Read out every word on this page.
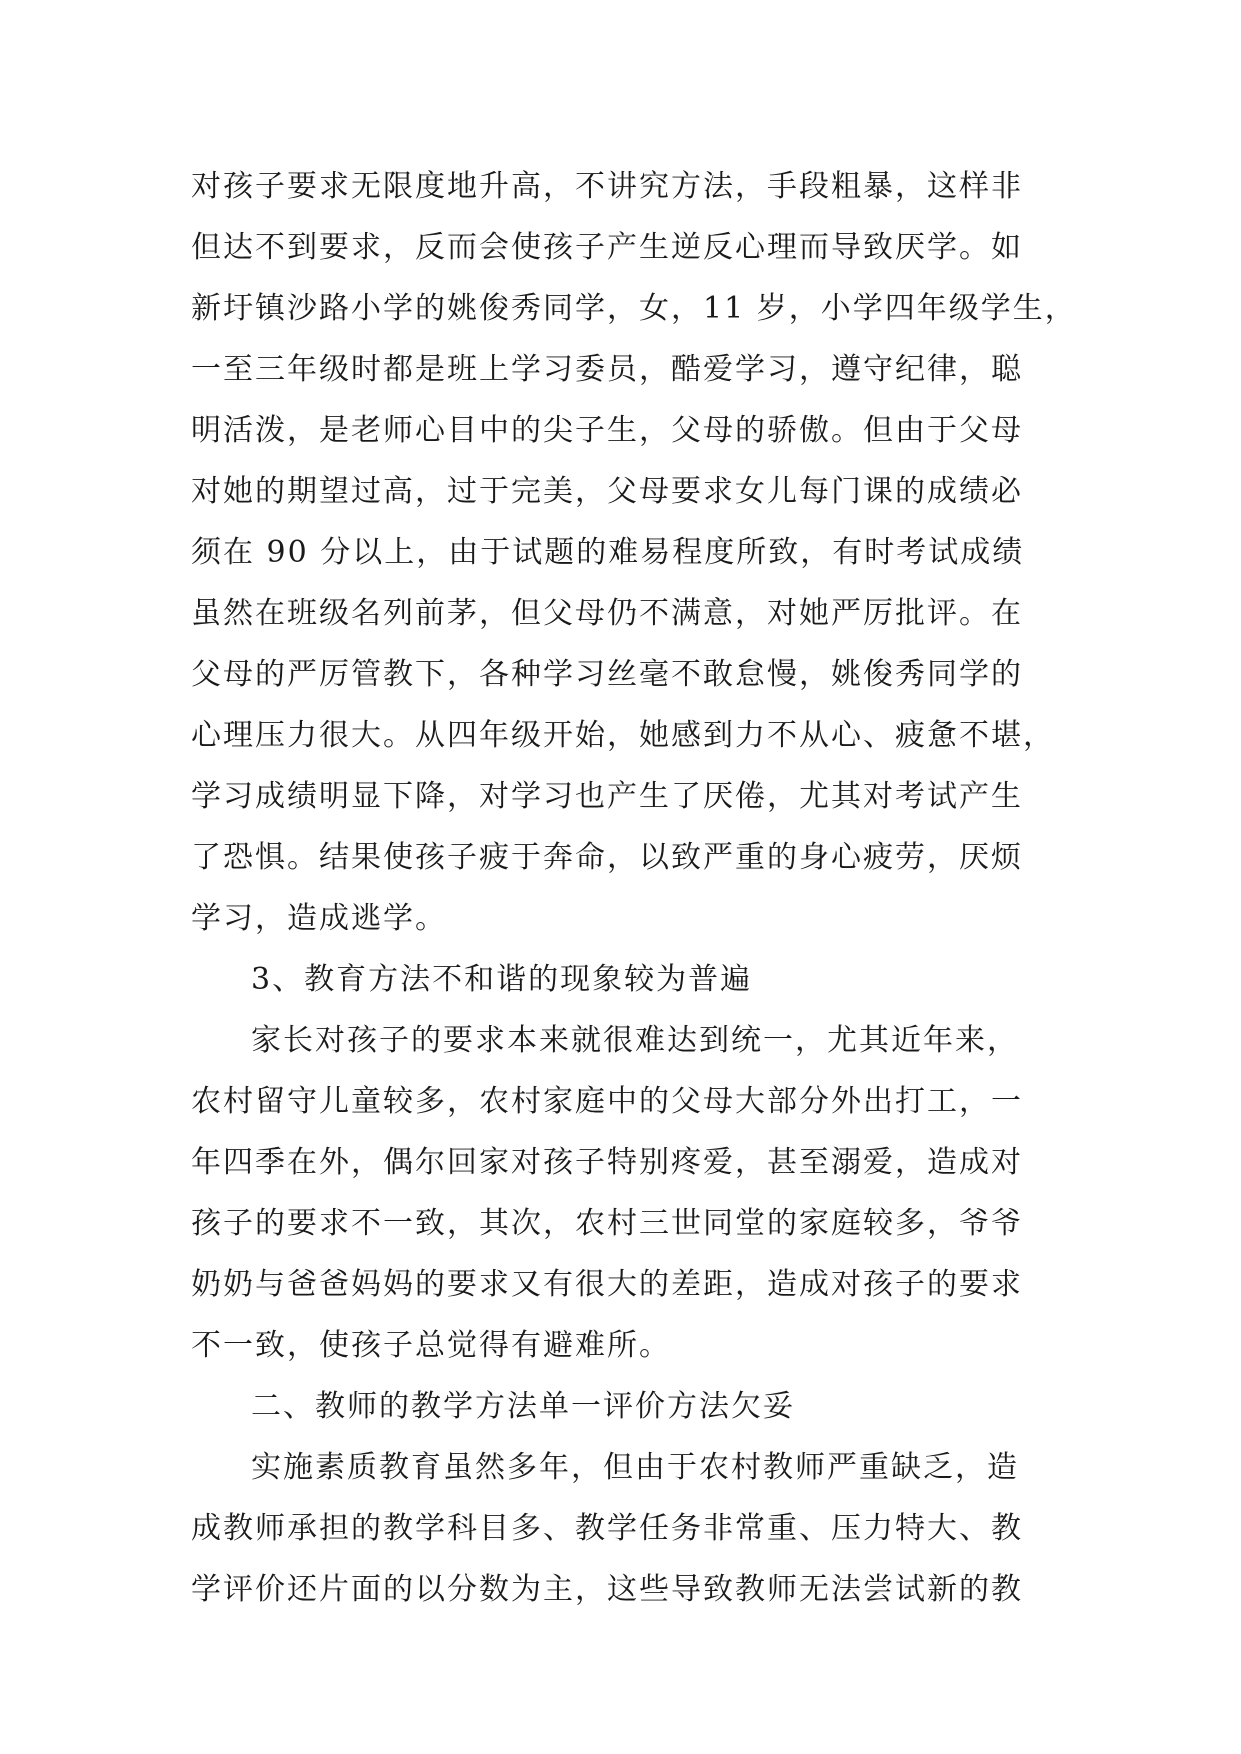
对孩子要求无限度地升高，不讲究方法，手段粗暴，这样非
但达不到要求，反而会使孩子产生逆反心理而导致厌学。如
新圩镇沙路小学的姚俊秀同学，女，11 岁，小学四年级学生，
一至三年级时都是班上学习委员，酷爱学习，遵守纪律，聪
明活泼，是老师心目中的尖子生，父母的骄傲。但由于父母
对她的期望过高，过于完美，父母要求女儿每门课的成绩必
须在 90 分以上，由于试题的难易程度所致，有时考试成绩
虽然在班级名列前茅，但父母仍不满意，对她严厉批评。在
父母的严厉管教下，各种学习丝毫不敢怠慢，姚俊秀同学的
心理压力很大。从四年级开始，她感到力不从心、疲惫不堪，
学习成绩明显下降，对学习也产生了厌倦，尤其对考试产生
了恐惧。结果使孩子疲于奔命，以致严重的身心疲劳，厌烦
学习，造成逃学。
3、教育方法不和谐的现象较为普遍
家长对孩子的要求本来就很难达到统一，尤其近年来，
农村留守儿童较多，农村家庭中的父母大部分外出打工，一
年四季在外，偶尔回家对孩子特别疼爱，甚至溺爱，造成对
孩子的要求不一致，其次，农村三世同堂的家庭较多，爷爷
奶奶与爸爸妈妈的要求又有很大的差距，造成对孩子的要求
不一致，使孩子总觉得有避难所。
二、教师的教学方法单一评价方法欠妥
实施素质教育虽然多年，但由于农村教师严重缺乏，造
成教师承担的教学科目多、教学任务非常重、压力特大、教
学评价还片面的以分数为主，这些导致教师无法尝试新的教
